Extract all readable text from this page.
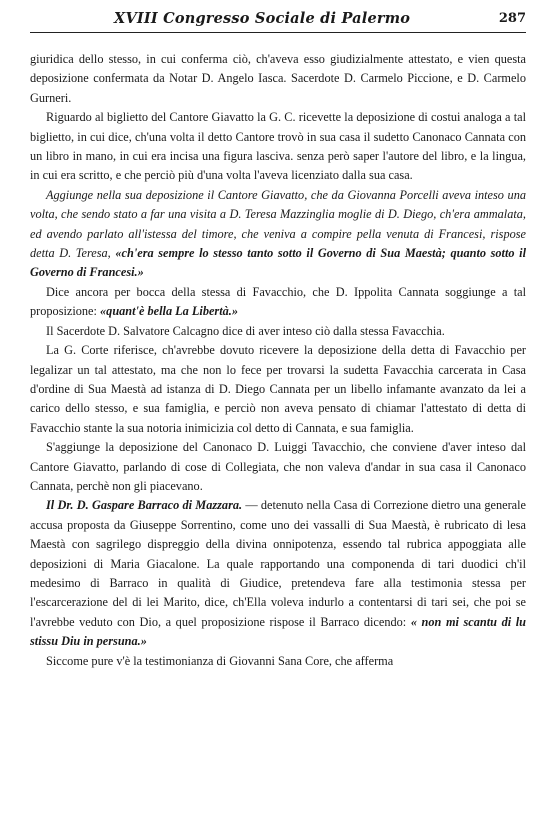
XVIII Congresso Sociale di Palermo	287

giuridica dello stesso, in cui conferma ciò, ch'aveva esso giudizialmente attestato, e vien questa deposizione confermata da Notar D. Angelo Iasca. Sacerdote D. Carmelo Piccione, e D. Carmelo Gurneri.

Riguardo al biglietto del Cantore Giavatto la G. C. ricevette la deposizione di costui analoga a tal biglietto, in cui dice, ch'una volta il detto Cantore trovò in sua casa il sudetto Canonaco Cannata con un libro in mano, in cui era incisa una figura lasciva. senza però saper l'autore del libro, e la lingua, in cui era scritto, e che perciò più d'una volta l'aveva licenziato dalla sua casa.

Aggiunge nella sua deposizione il Cantore Giavatto, che da Giovanna Porcelli aveva inteso una volta, che sendo stato a far una visita a D. Teresa Mazzinglia moglie di D. Diego, ch'era ammalata, ed avendo parlato all'istessa del timore, che veniva a compire pella venuta di Francesi, rispose detta D. Teresa, «ch'era sempre lo stesso tanto sotto il Governo di Sua Maestà; quanto sotto il Governo di Francesi.»

Dice ancora per bocca della stessa di Favacchio, che D. Ippolita Cannata soggiunge a tal proposizione: «quant'è bella La Libertà.»

Il Sacerdote D. Salvatore Calcagno dice di aver inteso ciò dalla stessa Favacchia.

La G. Corte riferisce, ch'avrebbe dovuto ricevere la deposizione della detta di Favacchio per legalizar un tal attestato, ma che non lo fece per trovarsi la sudetta Favacchia carcerata in Casa d'ordine di Sua Maestà ad istanza di D. Diego Cannata per un libello infamante avanzato da lei a carico dello stesso, e sua famiglia, e perciò non aveva pensato di chiamar l'attestato di detta di Favacchio stante la sua notoria inimicizia col detto di Cannata, e sua famiglia.

S'aggiunge la deposizione del Canonaco D. Luiggi Tavacchio, che conviene d'aver inteso dal Cantore Giavatto, parlando di cose di Collegiata, che non valeva d'andar in sua casa il Canonaco Cannata, perchè non gli piacevano.

Il Dr. D. Gaspare Barraco di Mazzara. — detenuto nella Casa di Correzione dietro una generale accusa proposta da Giuseppe Sorrentino, come uno dei vassalli di Sua Maestà, è rubricato di lesa Maestà con sagrilego dispreggio della divina onnipotenza, essendo tal rubrica appoggiata alle deposizioni di Maria Giacalone. La quale rapportando una componenda di tari duodici ch'il medesimo di Barraco in qualità di Giudice, pretendeva fare alla testimonia stessa per l'escarcerazione del di lei Marito, dice, ch'Ella voleva indurlo a contentarsi di tari sei, che poi se l'avrebbe veduto con Dio, a quel proposizione rispose il Barraco dicendo: « non mi scantu di lu stissu Diu in persuna.»

Siccome pure v'è la testimonianza di Giovanni Sana Core, che afferma
